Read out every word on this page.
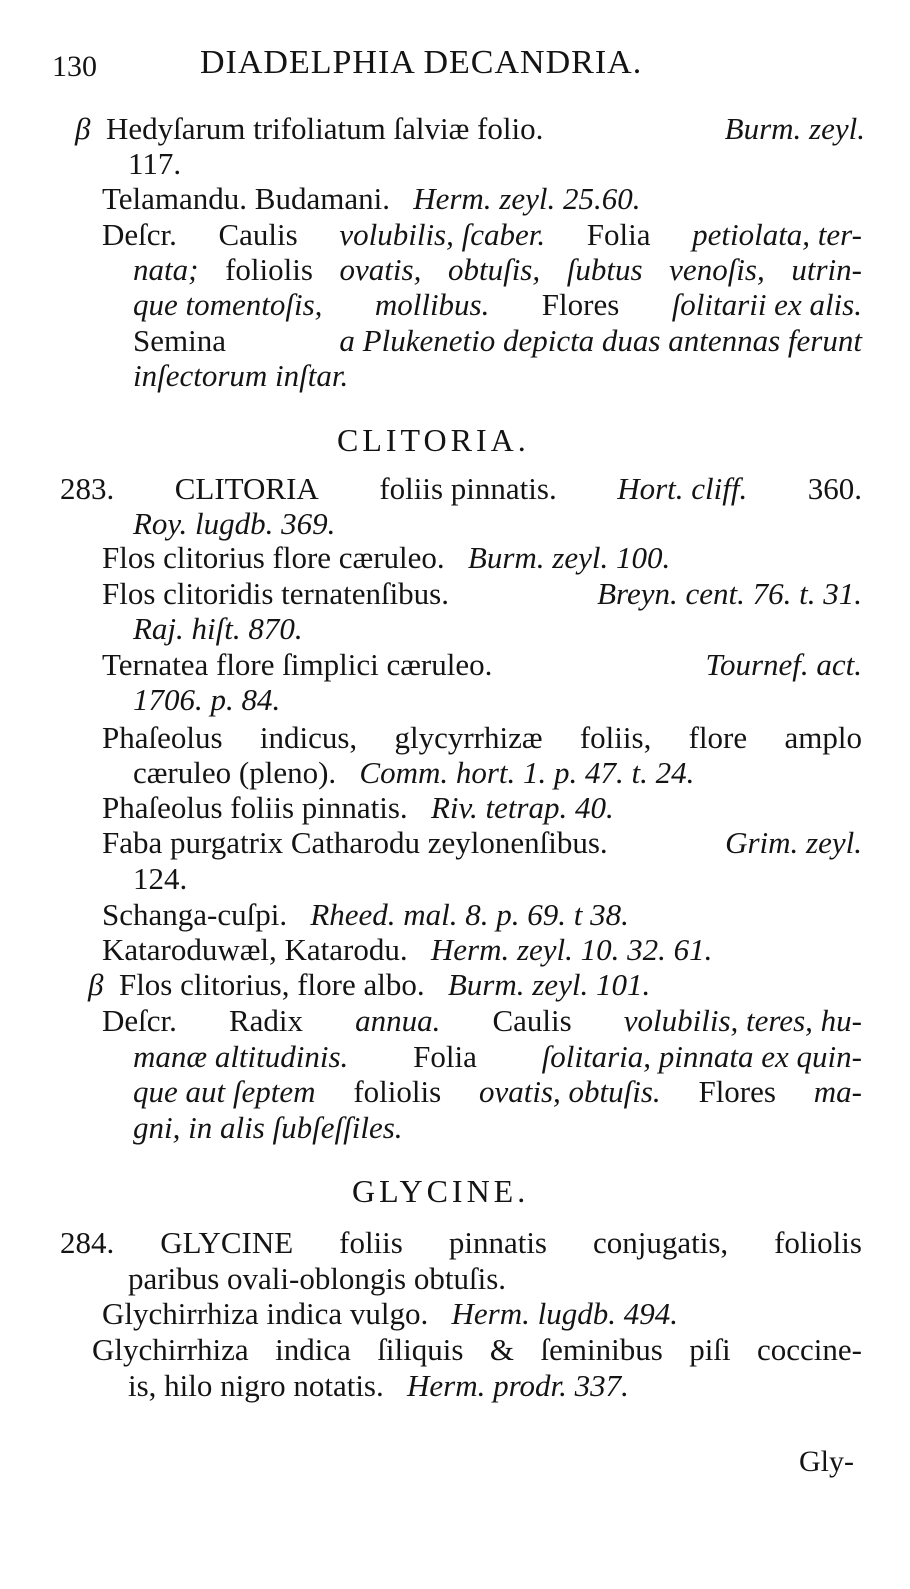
130	DIADELPHIA DECANDRIA.
β Hedyſarum trifoliatum ſalviæ folio.	Burm. zeyl.
117.
Telamandu. Budamani. Herm. zeyl. 25.60.
Deſcr. Caulis volubilis, ſcaber. Folia petiolata, ter-
nata; foliolis ovatis, obtuſis, ſubtus venoſis, utrin-
que tomentoſis, mollibus. Flores ſolitarii ex alis.
Semina	a Plukenetio depicta duas antennas ferunt
inſectorum inſtar.
CLITORIA.
283. CLITORIA foliis pinnatis. Hort. cliff. 360.
Roy. lugdb. 369.
Flos clitorius flore cæruleo. Burm. zeyl. 100.
Flos clitoridis ternatenſibus.	Breyn. cent. 76. t. 31.
Raj. hiſt. 870.
Ternatea flore ſimplici cæruleo.	Tournef. act.
1706. p. 84.
Phaſeolus indicus, glycyrrhizæ foliis, flore amplo
cæruleo (pleno). Comm. hort. 1. p. 47. t. 24.
Phaſeolus foliis pinnatis. Riv. tetrap. 40.
Faba purgatrix Catharodu zeylonenſibus.	Grim. zeyl.
124.
Schanga-cuſpi. Rheed. mal. 8. p. 69. t 38.
Kataroduwæl, Katarodu. Herm. zeyl. 10. 32. 61.
β Flos clitorius, flore albo. Burm. zeyl. 101.
Deſcr. Radix annua. Caulis volubilis, teres, hu-
manæ altitudinis. Folia ſolitaria, pinnata ex quin-
que aut ſeptem foliolis ovatis, obtuſis. Flores ma-
gni, in alis ſubſeſſiles.
GLYCINE.
284. GLYCINE foliis pinnatis conjugatis, foliolis
paribus ovali-oblongis obtuſis.
Glychirrhiza indica vulgo. Herm. lugdb. 494.
Glychirrhiza indica ſiliquis & ſeminibus piſi coccine-
is, hilo nigro notatis. Herm. prodr. 337.
Gly-
